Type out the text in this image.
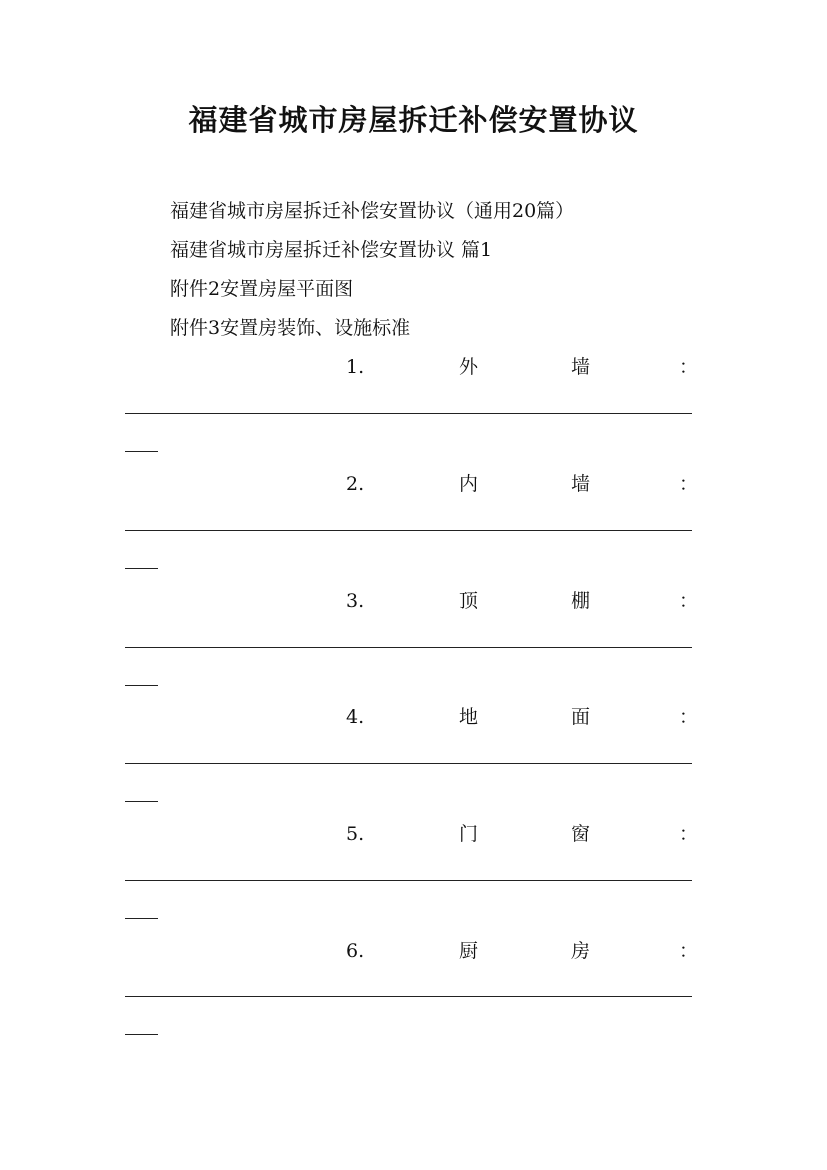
福建省城市房屋拆迁补偿安置协议
福建省城市房屋拆迁补偿安置协议（通用20篇）
福建省城市房屋拆迁补偿安置协议 篇1
附件2安置房屋平面图
附件3安置房装饰、设施标准
1.	外	墙	：
2.	内	墙	：
3.	顶	棚	：
4.	地	面	：
5.	门	窗	：
6.	厨	房	：
